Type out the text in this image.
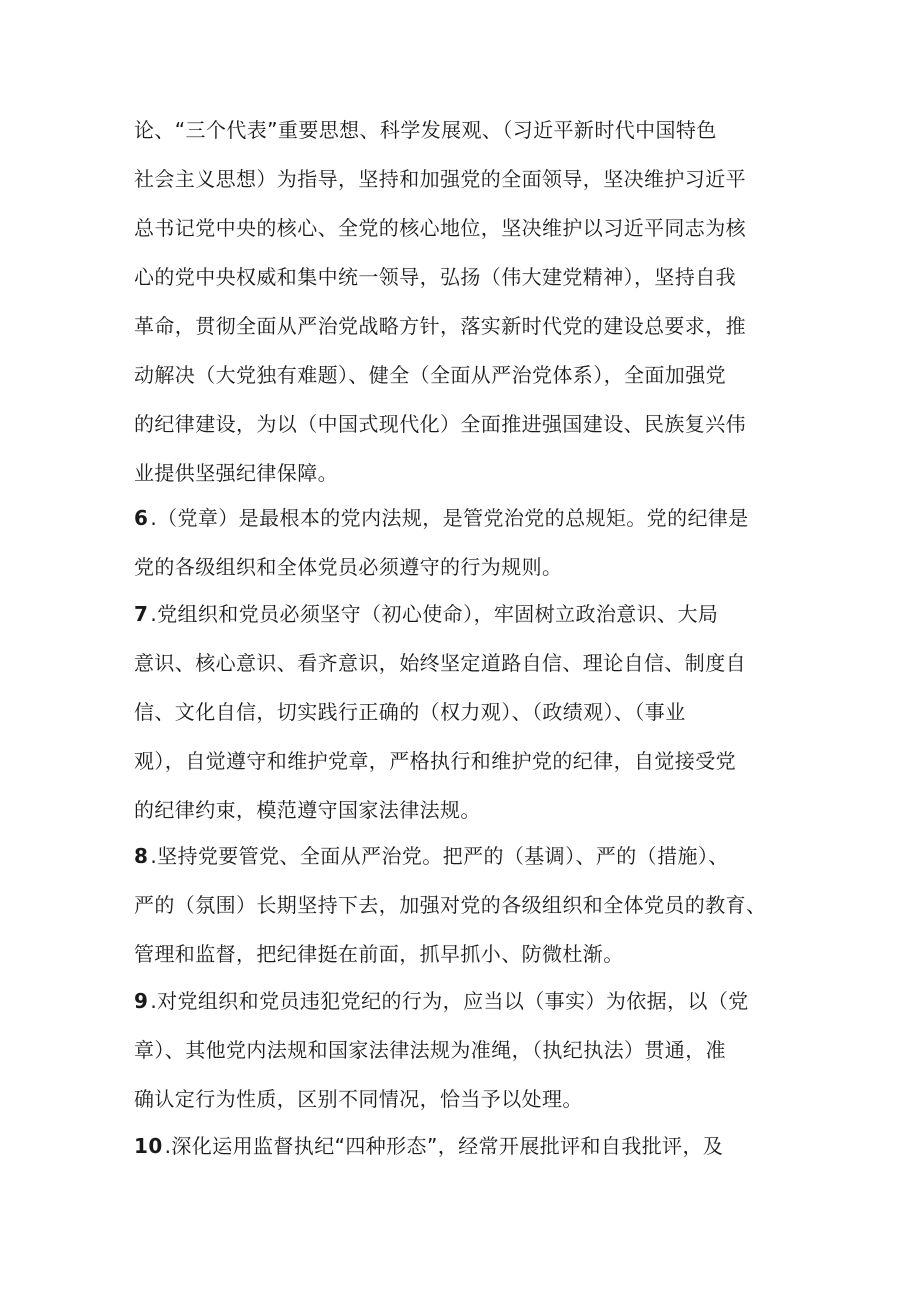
论、“三个代表”重要思想、科学发展观、（习近平新时代中国特色
社会主义思想）为指导，坚持和加强党的全面领导，坚决维护习近平
总书记党中央的核心、全党的核心地位，坚决维护以习近平同志为核
心的党中央权威和集中统一领导，弘扬（伟大建党精神），坚持自我
革命，贯彻全面从严治党战略方针，落实新时代党的建设总要求，推
动解决（大党独有难题）、健全（全面从严治党体系），全面加强党
的纪律建设，为以（中国式现代化）全面推进强国建设、民族复兴伟
业提供坚强纪律保障。
6 .（党章）是最根本的党内法规，是管党治党的总规矩。党的纪律是
党的各级组织和全体党员必须遵守的行为规则。
7 .党组织和党员必须坚守（初心使命），牢固树立政治意识、大局
意识、核心意识、看齐意识，始终坚定道路自信、理论自信、制度自
信、文化自信，切实践行正确的（权力观）、（政绩观）、（事业
观），自觉遵守和维护党章，严格执行和维护党的纪律，自觉接受党
的纪律约束，模范遵守国家法律法规。
8 .坚持党要管党、全面从严治党。把严的（基调）、严的（措施）、
严的（氛围）长期坚持下去，加强对党的各级组织和全体党员的教育、
管理和监督，把纪律挺在前面，抓早抓小、防微杜渐。
9 .对党组织和党员违犯党纪的行为，应当以（事实）为依据，以（党
章）、其他党内法规和国家法律法规为准绳，（执纪执法）贯通，准
确认定行为性质，区别不同情况，恰当予以处理。
10 .深化运用监督执纪“四种形态”，经常开展批评和自我批评，及
